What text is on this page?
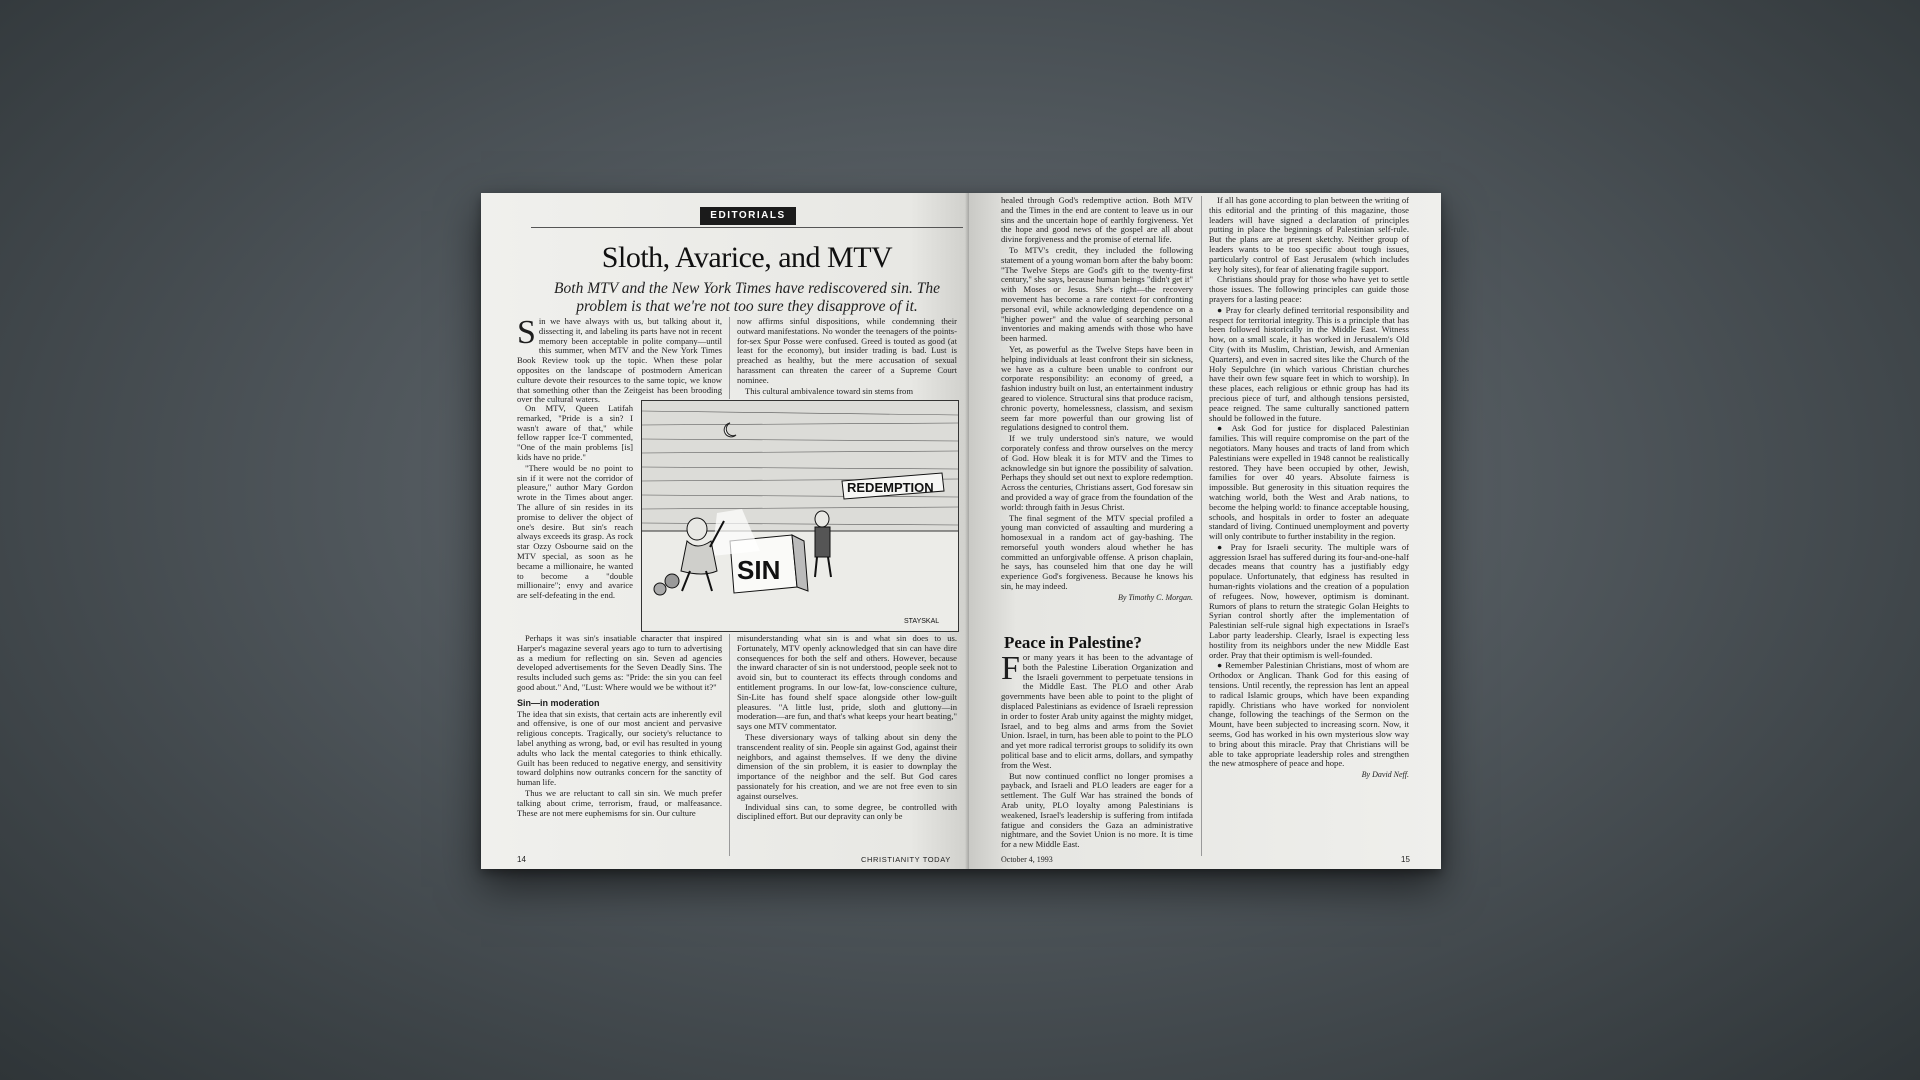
EDITORIALS
Sloth, Avarice, and MTV
Both MTV and the New York Times have rediscovered sin. The problem is that we're not too sure they disapprove of it.

Sin we have always with us, but talking about it, dissecting it, and labeling its parts have not in recent memory been acceptable in polite company—until this summer, when MTV and the New York Times Book Review took up the topic. When these polar opposites on the landscape of postmodern American culture devote their resources to the same topic, we know that something other than the Zeitgeist has been brooding over the cultural waters.

On MTV, Queen Latifah remarked, "Pride is a sin? I wasn't aware of that," while fellow rapper Ice-T commented, "One of the main problems [is] kids have no pride."

"There would be no point to sin if it were not the corridor of pleasure," author Mary Gordon wrote in the Times about anger. The allure of sin resides in its promise to deliver the object of one's desire. But sin's reach always exceeds its grasp. As rock star Ozzy Osbourne said on the MTV special, as soon as he became a millionaire, he wanted to become a "double millionaire"; envy and avarice are self-defeating in the end.

Perhaps it was sin's insatiable character that inspired Harper's magazine several years ago to turn to advertising as a medium for reflecting on sin. Seven ad agencies developed advertisements for the Seven Deadly Sins. The results included such gems as: "Pride: the sin you can feel good about." And, "Lust: Where would we be without it?"

Sin—in moderation

The idea that sin exists, that certain acts are inherently evil and offensive, is one of our most ancient and pervasive religious concepts. Tragically, our society's reluctance to label anything as wrong, bad, or evil has resulted in young adults who lack the mental categories to think ethically. Guilt has been reduced to negative energy, and sensitivity toward dolphins now outranks concern for the sanctity of human life.

Thus we are reluctant to call sin sin. We much prefer talking about crime, terrorism, fraud, or malfeasance. These are not mere euphemisms for sin. Our culture

now affirms sinful dispositions, while condemning their outward manifestations. No wonder the teenagers of the points-for-sex Spur Posse were confused. Greed is touted as good (at least for the economy), but insider trading is bad. Lust is preached as healthy, but the mere accusation of sexual harassment can threaten the career of a Supreme Court nominee.

This cultural ambivalence toward sin stems from

misunderstanding what sin is and what sin does to us. Fortunately, MTV openly acknowledged that sin can have dire consequences for both the self and others. However, because the inward character of sin is not understood, people seek not to avoid sin, but to counteract its effects through condoms and entitlement programs. In our low-fat, low-conscience culture, Sin-Lite has found shelf space alongside other low-guilt pleasures. "A little lust, pride, sloth and gluttony—in moderation—are fun, and that's what keeps your heart beating," says one MTV commentator.

These diversionary ways of talking about sin deny the transcendent reality of sin. People sin against God, against their neighbors, and against themselves. If we deny the divine dimension of the sin problem, it is easier to downplay the importance of the neighbor and the self. But God cares passionately for his creation, and we are not free even to sin against ourselves.

Individual sins can, to some degree, be controlled with disciplined effort. But our depravity can only be

REDEMPTION
SIN
STAYSKAL
14	CHRISTIANITY TODAY

healed through God's redemptive action. Both MTV and the Times in the end are content to leave us in our sins and the uncertain hope of earthly forgiveness. Yet the hope and good news of the gospel are all about divine forgiveness and the promise of eternal life.

To MTV's credit, they included the following statement of a young woman born after the baby boom: "The Twelve Steps are God's gift to the twenty-first century," she says, because human beings "didn't get it" with Moses or Jesus. She's right—the recovery movement has become a rare context for confronting personal evil, while acknowledging dependence on a "higher power" and the value of searching personal inventories and making amends with those who have been harmed.

Yet, as powerful as the Twelve Steps have been in helping individuals at least confront their sin sickness, we have as a culture been unable to confront our corporate responsibility: an economy of greed, a fashion industry built on lust, an entertainment industry geared to violence. Structural sins that produce racism, chronic poverty, homelessness, classism, and sexism seem far more powerful than our growing list of regulations designed to control them.

If we truly understood sin's nature, we would corporately confess and throw ourselves on the mercy of God. How bleak it is for MTV and the Times to acknowledge sin but ignore the possibility of salvation. Perhaps they should set out next to explore redemption. Across the centuries, Christians assert, God foresaw sin and provided a way of grace from the foundation of the world: through faith in Jesus Christ.

The final segment of the MTV special profiled a young man convicted of assaulting and murdering a homosexual in a random act of gay-bashing. The remorseful youth wonders aloud whether he has committed an unforgivable offense. A prison chaplain, he says, has counseled him that one day he will experience God's forgiveness. Because he knows his sin, he may indeed.

By Timothy C. Morgan.
Peace in Palestine?

For many years it has been to the advantage of both the Palestine Liberation Organization and the Israeli government to perpetuate tensions in the Middle East. The PLO and other Arab governments have been able to point to the plight of displaced Palestinians as evidence of Israeli repression in order to foster Arab unity against the mighty midget, Israel, and to beg alms and arms from the Soviet Union. Israel, in turn, has been able to point to the PLO and yet more radical terrorist groups to solidify its own political base and to elicit arms, dollars, and sympathy from the West.

But now continued conflict no longer promises a payback, and Israeli and PLO leaders are eager for a settlement. The Gulf War has strained the bonds of Arab unity, PLO loyalty among Palestinians is weakened, Israel's leadership is suffering from intifada fatigue and considers the Gaza an administrative nightmare, and the Soviet Union is no more. It is time for a new Middle East.

If all has gone according to plan between the writing of this editorial and the printing of this magazine, those leaders will have signed a declaration of principles putting in place the beginnings of Palestinian self-rule. But the plans are at present sketchy. Neither group of leaders wants to be too specific about tough issues, particularly control of East Jerusalem (which includes key holy sites), for fear of alienating fragile support.

Christians should pray for those who have yet to settle those issues. The following principles can guide those prayers for a lasting peace:

● Pray for clearly defined territorial responsibility and respect for territorial integrity. This is a principle that has been followed historically in the Middle East. Witness how, on a small scale, it has worked in Jerusalem's Old City (with its Muslim, Christian, Jewish, and Armenian Quarters), and even in sacred sites like the Church of the Holy Sepulchre (in which various Christian churches have their own few square feet in which to worship). In these places, each religious or ethnic group has had its precious piece of turf, and although tensions persisted, peace reigned. The same culturally sanctioned pattern should be followed in the future.

● Ask God for justice for displaced Palestinian families. This will require compromise on the part of the negotiators. Many houses and tracts of land from which Palestinians were expelled in 1948 cannot be realistically restored. They have been occupied by other, Jewish, families for over 40 years. Absolute fairness is impossible. But generosity in this situation requires the watching world, both the West and Arab nations, to become the helping world: to finance acceptable housing, schools, and hospitals in order to foster an adequate standard of living. Continued unemployment and poverty will only contribute to further instability in the region.

● Pray for Israeli security. The multiple wars of aggression Israel has suffered during its four-and-one-half decades means that country has a justifiably edgy populace. Unfortunately, that edginess has resulted in human-rights violations and the creation of a population of refugees. Now, however, optimism is dominant. Rumors of plans to return the strategic Golan Heights to Syrian control shortly after the implementation of Palestinian self-rule signal high expectations in Israel's Labor party leadership. Clearly, Israel is expecting less hostility from its neighbors under the new Middle East order. Pray that their optimism is well-founded.

● Remember Palestinian Christians, most of whom are Orthodox or Anglican. Thank God for this easing of tensions. Until recently, the repression has lent an appeal to radical Islamic groups, which have been expanding rapidly. Christians who have worked for nonviolent change, following the teachings of the Sermon on the Mount, have been subjected to increasing scorn. Now, it seems, God has worked in his own mysterious slow way to bring about this miracle. Pray that Christians will be able to take appropriate leadership roles and strengthen the new atmosphere of peace and hope.

By David Neff.
October 4, 1993	15
